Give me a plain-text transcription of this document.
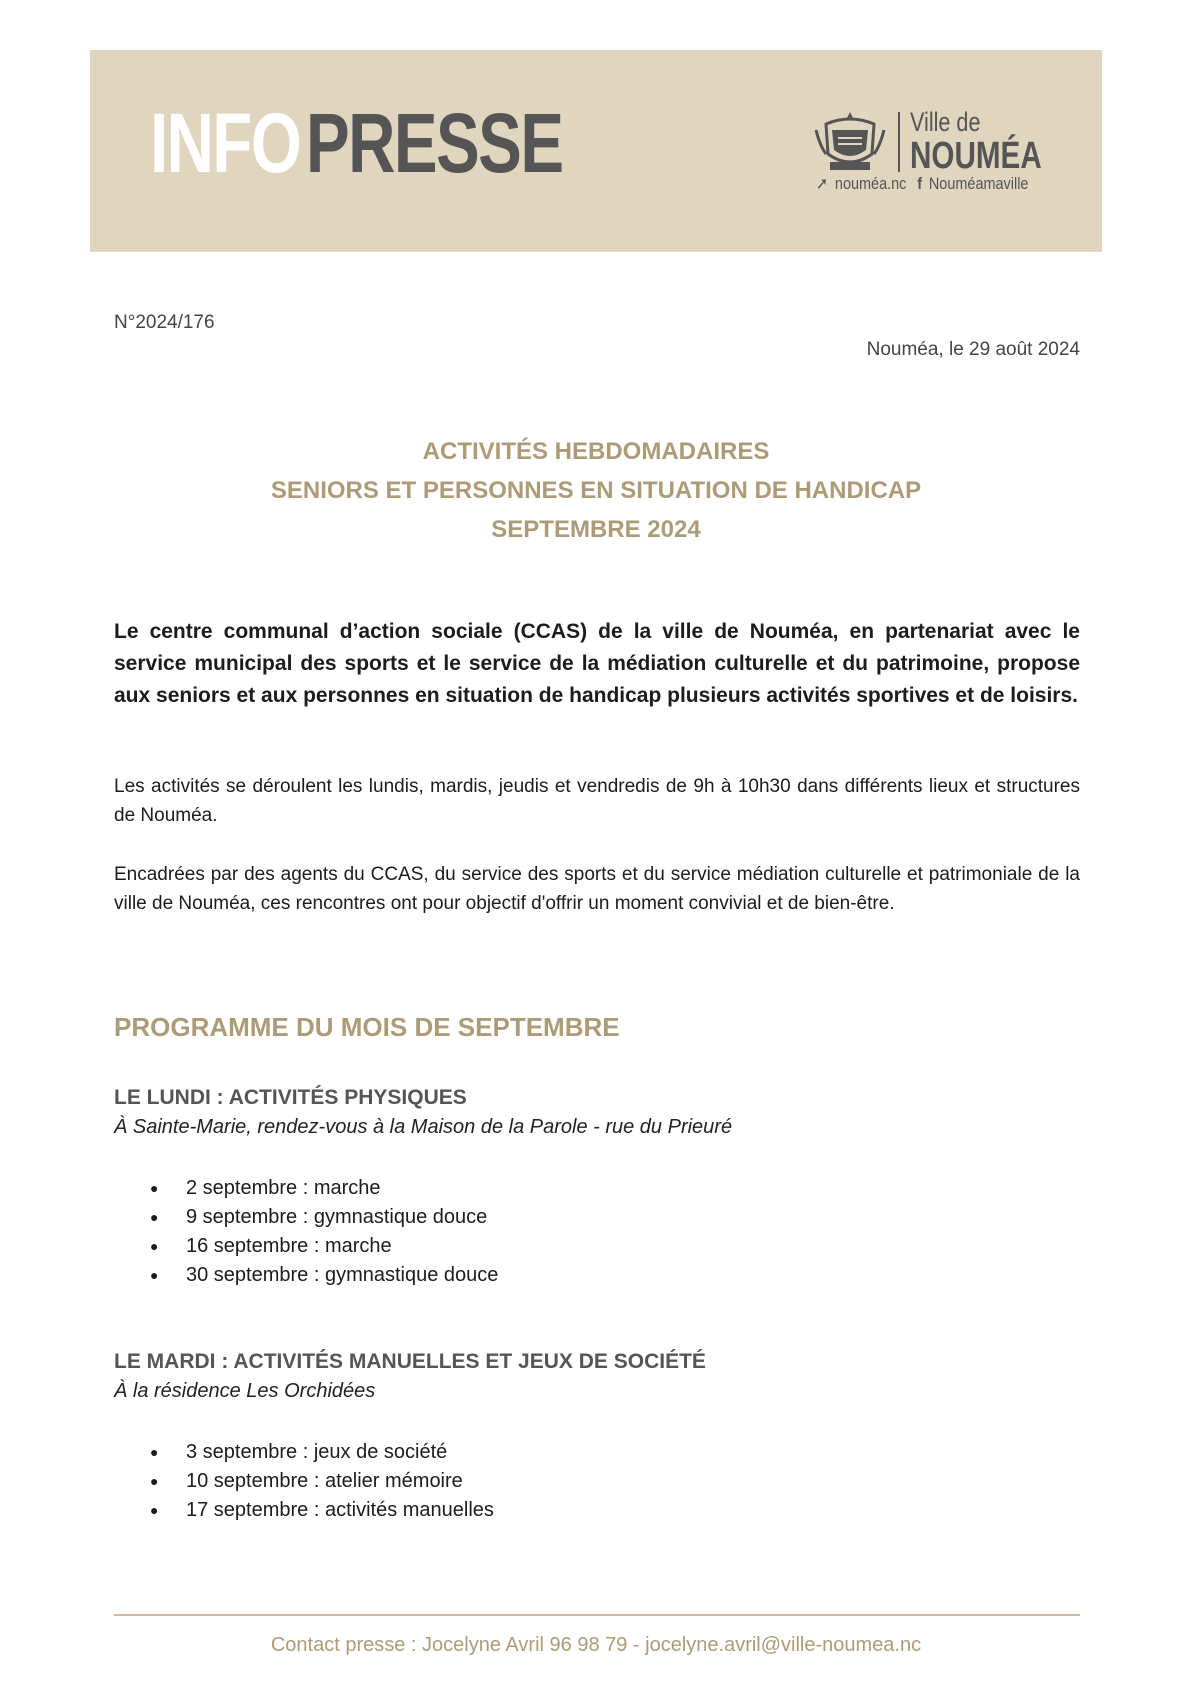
INFO PRESSE	Ville de
NOUMÉA
➚ nouméa.nc f Nouméamaville
N°2024/176
Nouméa, le 29 août 2024
ACTIVITÉS HEBDOMADAIRES
SENIORS ET PERSONNES EN SITUATION DE HANDICAP
SEPTEMBRE 2024
Le centre communal d’action sociale (CCAS) de la ville de Nouméa, en partenariat avec le service municipal des sports et le service de la médiation culturelle et du patrimoine, propose aux seniors et aux personnes en situation de handicap plusieurs activités sportives et de loisirs.
Les activités se déroulent les lundis, mardis, jeudis et vendredis de 9h à 10h30 dans différents lieux et structures de Nouméa.
Encadrées par des agents du CCAS, du service des sports et du service médiation culturelle et patrimoniale de la ville de Nouméa, ces rencontres ont pour objectif d'offrir un moment convivial et de bien-être.
PROGRAMME DU MOIS DE SEPTEMBRE
LE LUNDI : ACTIVITÉS PHYSIQUES
À Sainte-Marie, rendez-vous à la Maison de la Parole - rue du Prieuré
● 2 septembre : marche
● 9 septembre : gymnastique douce
● 16 septembre : marche
● 30 septembre : gymnastique douce
LE MARDI : ACTIVITÉS MANUELLES ET JEUX DE SOCIÉTÉ
À la résidence Les Orchidées
● 3 septembre : jeux de société
● 10 septembre : atelier mémoire
● 17 septembre : activités manuelles
Contact presse : Jocelyne Avril 96 98 79 - jocelyne.avril@ville-noumea.nc
